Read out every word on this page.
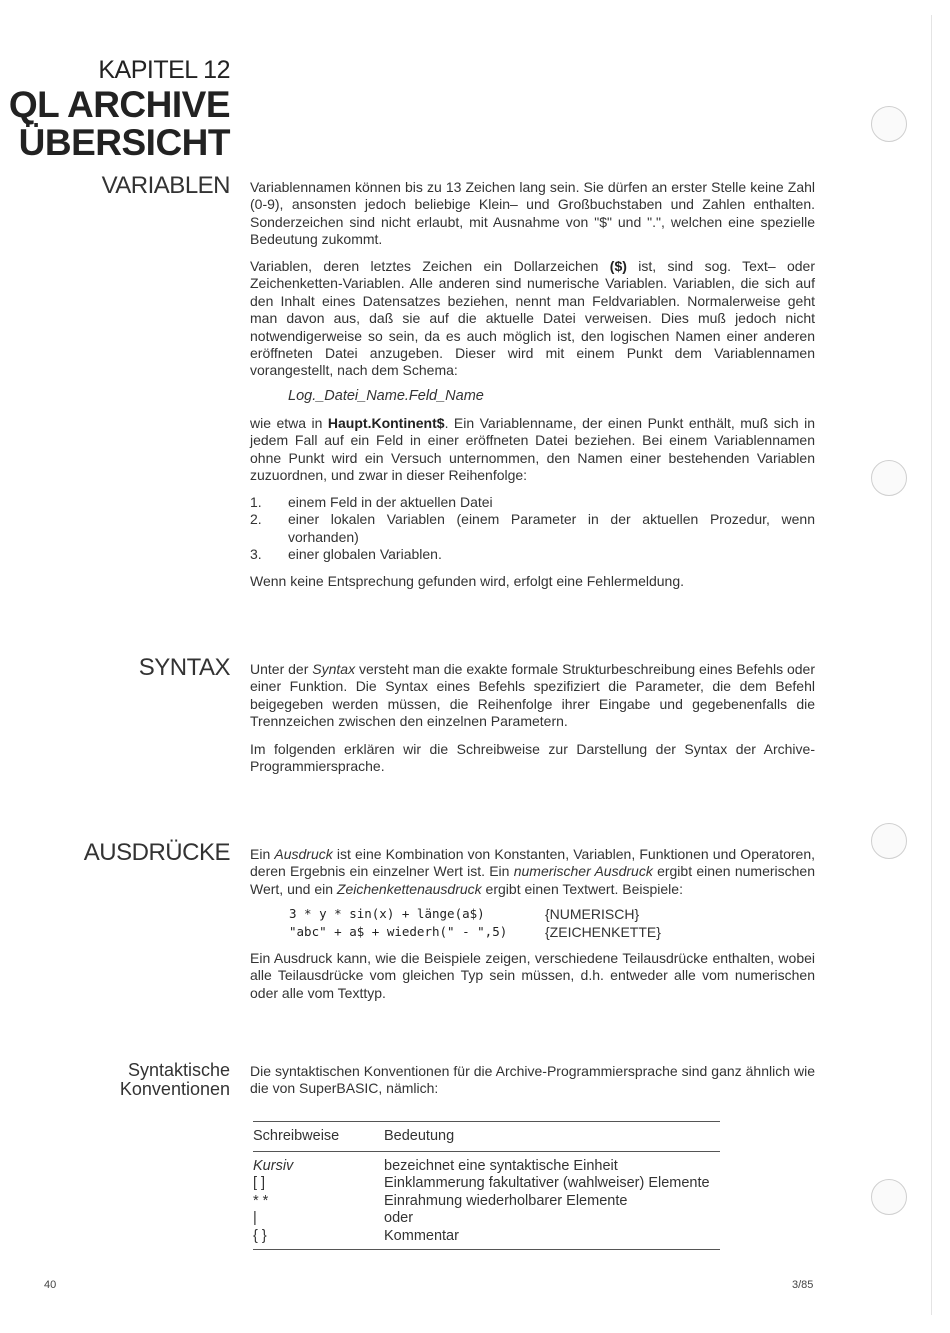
KAPITEL 12
QL ARCHIVE
ÜBERSICHT
VARIABLEN Variablennamen können bis zu 13 Zeichen lang sein. Sie dürfen an erster Stelle keine Zahl (0-9), ansonsten jedoch beliebige Klein– und Großbuchstaben und Zahlen enthalten. Sonderzeichen sind nicht erlaubt, mit Ausnahme von "$" und ".", welchen eine spezielle Bedeutung zukommt.

Variablen, deren letztes Zeichen ein Dollarzeichen ($) ist, sind sog. Text– oder Zeichenketten-Variablen. Alle anderen sind numerische Variablen. Variablen, die sich auf den Inhalt eines Datensatzes beziehen, nennt man Feldvariablen. Normalerweise geht man davon aus, daß sie auf die aktuelle Datei verweisen. Dies muß jedoch nicht notwendigerweise so sein, da es auch möglich ist, den logischen Namen einer anderen eröffneten Datei anzugeben. Dieser wird mit einem Punkt dem Variablennamen vorangestellt, nach dem Schema:

Log._Datei_Name.Feld_Name

wie etwa in Haupt.Kontinent$. Ein Variablenname, der einen Punkt enthält, muß sich in jedem Fall auf ein Feld in einer eröffneten Datei beziehen. Bei einem Variablennamen ohne Punkt wird ein Versuch unternommen, den Namen einer bestehenden Variablen zuzuordnen, und zwar in dieser Reihenfolge:

1.	einem Feld in der aktuellen Datei
2.	einer lokalen Variablen (einem Parameter in der aktuellen Prozedur, wenn vorhanden)
3.	einer globalen Variablen.

Wenn keine Entsprechung gefunden wird, erfolgt eine Fehlermeldung.

SYNTAX Unter der Syntax versteht man die exakte formale Strukturbeschreibung eines Befehls oder einer Funktion. Die Syntax eines Befehls spezifiziert die Parameter, die dem Befehl beigegeben werden müssen, die Reihenfolge ihrer Eingabe und gegebenenfalls die Trennzeichen zwischen den einzelnen Parametern.

Im folgenden erklären wir die Schreibweise zur Darstellung der Syntax der Archive-Programmiersprache.

AUSDRÜCKE Ein Ausdruck ist eine Kombination von Konstanten, Variablen, Funktionen und Operatoren, deren Ergebnis ein einzelner Wert ist. Ein numerischer Ausdruck ergibt einen numerischen Wert, und ein Zeichenkettenausdruck ergibt einen Textwert. Beispiele:

3 * y * sin(x) + länge(a$)	{NUMERISCH}
"abc" + a$ + wiederh(" - ",5)	{ZEICHENKETTE}

Ein Ausdruck kann, wie die Beispiele zeigen, verschiedene Teilausdrücke enthalten, wobei alle Teilausdrücke vom gleichen Typ sein müssen, d.h. entweder alle vom numerischen oder alle vom Texttyp.

Syntaktische
Konventionen

Die syntaktischen Konventionen für die Archive-Programmiersprache sind ganz ähnlich wie die von SuperBASIC, nämlich:

Schreibweise	Bedeutung
Kursiv	bezeichnet eine syntaktische Einheit
[ ]	Einklammerung fakultativer (wahlweiser) Elemente
* *	Einrahmung wiederholbarer Elemente
|	oder
{ }	Kommentar
40	3/85
